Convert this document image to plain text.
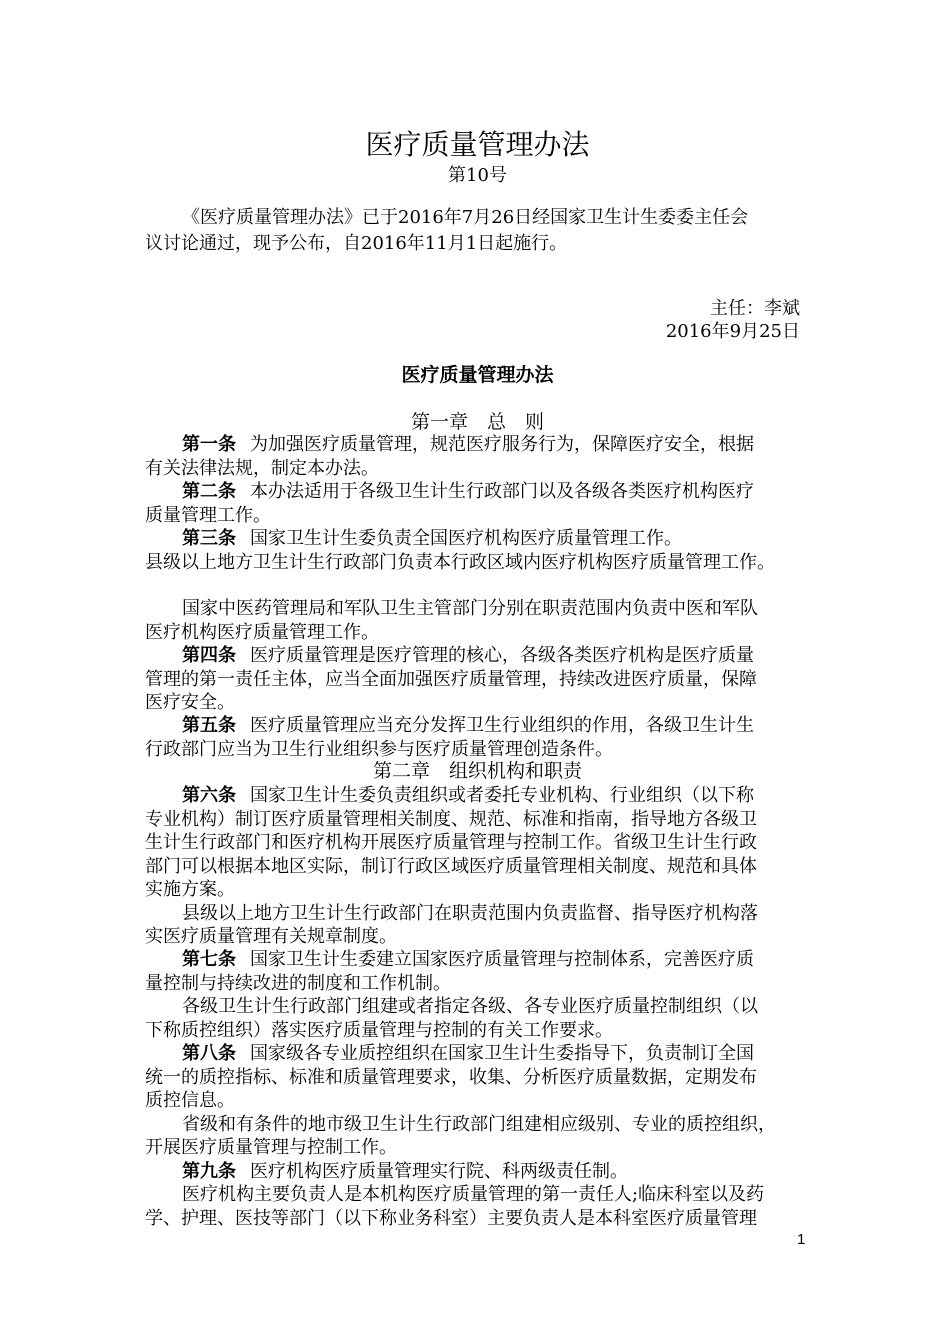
医疗质量管理办法
第10号
《医疗质量管理办法》已于2016年7月26日经国家卫生计生委委主任会
议讨论通过，现予公布，自2016年11月1日起施行。
主任：李斌
2016年9月25日
医疗质量管理办法
第一章　总　则
第一条 为加强医疗质量管理，规范医疗服务行为，保障医疗安全，根据
有关法律法规，制定本办法。
第二条 本办法适用于各级卫生计生行政部门以及各级各类医疗机构医疗
质量管理工作。
第三条 国家卫生计生委负责全国医疗机构医疗质量管理工作。
县级以上地方卫生计生行政部门负责本行政区域内医疗机构医疗质量管理工作。
国家中医药管理局和军队卫生主管部门分别在职责范围内负责中医和军队
医疗机构医疗质量管理工作。
第四条 医疗质量管理是医疗管理的核心，各级各类医疗机构是医疗质量
管理的第一责任主体，应当全面加强医疗质量管理，持续改进医疗质量，保障
医疗安全。
第五条 医疗质量管理应当充分发挥卫生行业组织的作用，各级卫生计生
行政部门应当为卫生行业组织参与医疗质量管理创造条件。
第二章　组织机构和职责
第六条 国家卫生计生委负责组织或者委托专业机构、行业组织（以下称
专业机构）制订医疗质量管理相关制度、规范、标准和指南，指导地方各级卫
生计生行政部门和医疗机构开展医疗质量管理与控制工作。省级卫生计生行政
部门可以根据本地区实际，制订行政区域医疗质量管理相关制度、规范和具体
实施方案。
县级以上地方卫生计生行政部门在职责范围内负责监督、指导医疗机构落
实医疗质量管理有关规章制度。
第七条 国家卫生计生委建立国家医疗质量管理与控制体系，完善医疗质
量控制与持续改进的制度和工作机制。
各级卫生计生行政部门组建或者指定各级、各专业医疗质量控制组织（以
下称质控组织）落实医疗质量管理与控制的有关工作要求。
第八条 国家级各专业质控组织在国家卫生计生委指导下，负责制订全国
统一的质控指标、标准和质量管理要求，收集、分析医疗质量数据，定期发布
质控信息。
省级和有条件的地市级卫生计生行政部门组建相应级别、专业的质控组织，
开展医疗质量管理与控制工作。
第九条 医疗机构医疗质量管理实行院、科两级责任制。
医疗机构主要负责人是本机构医疗质量管理的第一责任人;临床科室以及药
学、护理、医技等部门（以下称业务科室）主要负责人是本科室医疗质量管理
1
